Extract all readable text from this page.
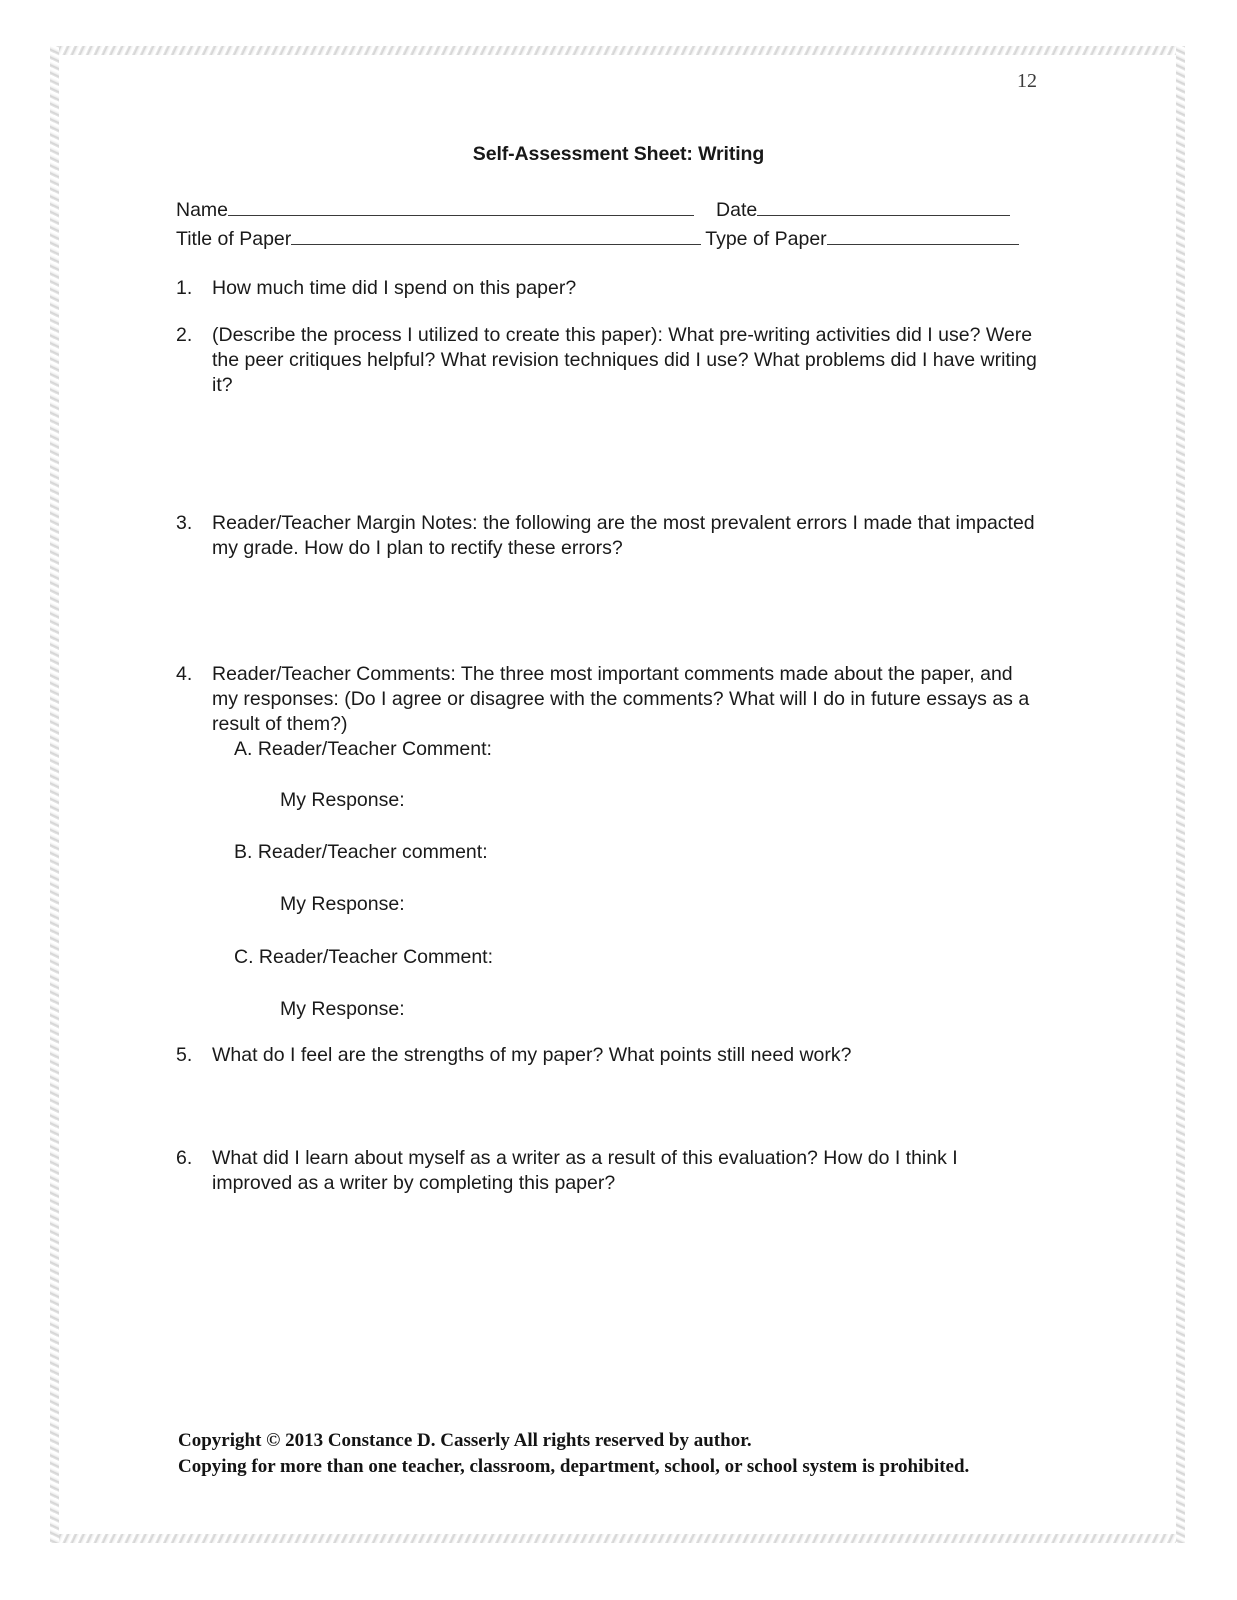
12
Self-Assessment Sheet: Writing
Name	Date
Title of Paper	Type of Paper
1.	How much time did I spend on this paper?
2.	(Describe the process I utilized to create this paper): What pre-writing activities did I use? Were the peer critiques helpful? What revision techniques did I use? What problems did I have writing it?
3.	Reader/Teacher Margin Notes: the following are the most prevalent errors I made that impacted my grade. How do I plan to rectify these errors?
4.	Reader/Teacher Comments: The three most important comments made about the paper, and my responses: (Do I agree or disagree with the comments? What will I do in future essays as a result of them?)
A. Reader/Teacher Comment:
My Response:
B. Reader/Teacher comment:
My Response:
C. Reader/Teacher Comment:
My Response:
5.	What do I feel are the strengths of my paper? What points still need work?
6.	What did I learn about myself as a writer as a result of this evaluation? How do I think I improved as a writer by completing this paper?
Copyright © 2013 Constance D. Casserly All rights reserved by author.
Copying for more than one teacher, classroom, department, school, or school system is prohibited.
